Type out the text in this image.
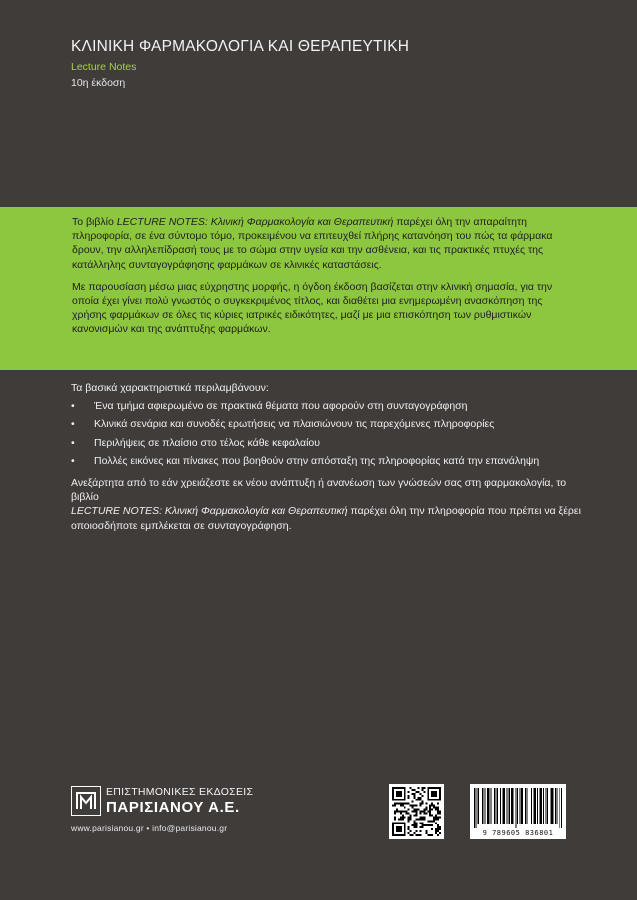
ΚΛΙΝΙΚΗ ΦΑΡΜΑΚΟΛΟΓΙΑ ΚΑΙ ΘΕΡΑΠΕΥΤΙΚΗ
Lecture Notes
10η έκδοση

Το βιβλίο LECTURE NOTES: Κλινική Φαρμακολογία και Θεραπευτική παρέχει όλη την απαραίτητη πληροφορία, σε ένα σύντομο τόμο, προκειμένου να επιτευχθεί πλήρης κατανόηση του πώς τα φάρμακα δρουν, την αλληλεπίδρασή τους με το σώμα στην υγεία και την ασθένεια, και τις πρακτικές πτυχές της κατάλληλης συνταγογράφησης φαρμάκων σε κλινικές καταστάσεις.

Με παρουσίαση μέσω μιας εύχρηστης μορφής, η όγδοη έκδοση βασίζεται στην κλινική σημασία, για την οποία έχει γίνει πολύ γνωστός ο συγκεκριμένος τίτλος, και διαθέτει μια ενημερωμένη ανασκόπηση της χρήσης φαρμάκων σε όλες τις κύριες ιατρικές ειδικότητες, μαζί με μια επισκόπηση των ρυθμιστικών κανονισμών και της ανάπτυξης φαρμάκων.

Τα βασικά χαρακτηριστικά περιλαμβάνουν:
• Ένα τμήμα αφιερωμένο σε πρακτικά θέματα που αφορούν στη συνταγογράφηση
• Κλινικά σενάρια και συνοδές ερωτήσεις να πλαισιώνουν τις παρεχόμενες πληροφορίες
• Περιλήψεις σε πλαίσιο στο τέλος κάθε κεφαλαίου
• Πολλές εικόνες και πίνακες που βοηθούν στην απόσταξη της πληροφορίας κατά την επανάληψη
Ανεξάρτητα από το εάν χρειάζεστε εκ νέου ανάπτυξη ή ανανέωση των γνώσεών σας στη φαρμακολογία, το βιβλίο
LECTURE NOTES: Κλινική Φαρμακολογία και Θεραπευτική παρέχει όλη την πληροφορία που πρέπει να ξέρει οποιοσδήποτε εμπλέκεται σε συνταγογράφηση.
ΕΠΙΣΤΗΜΟΝΙΚΕΣ ΕΚΔΟΣΕΙΣ
ΠΑΡΙΣΙΑΝΟΥ Α.Ε.
www.parisianou.gr • info@parisianou.gr	9 789605 836801
